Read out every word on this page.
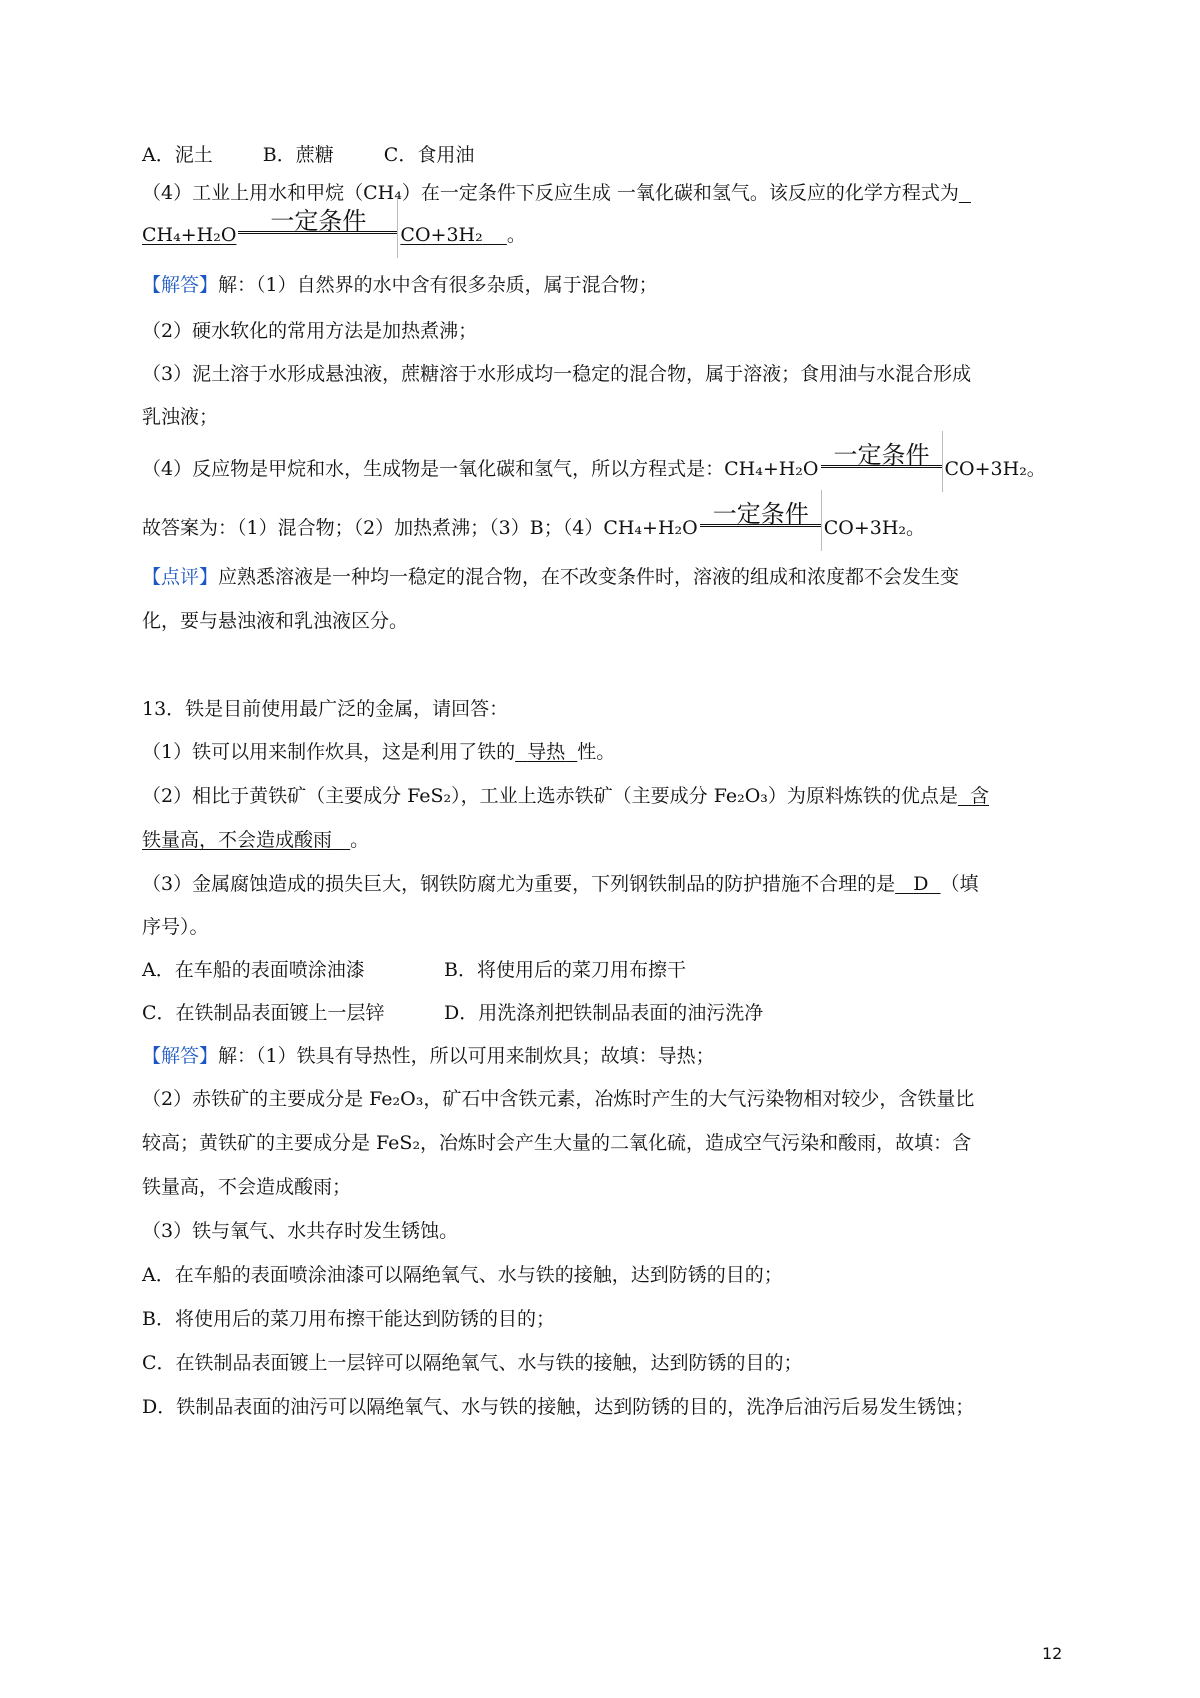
A．泥土	B．蔗糖	C．食用油
（4）工业上用水和甲烷（CH₄）在一定条件下反应生成 一氧化碳和氢气。该反应的化学方程式为
CH₄+H₂O 一定条件 CO+3H₂ 。
【解答】解：（1）自然界的水中含有很多杂质，属于混合物；
（2）硬水软化的常用方法是加热煮沸；
（3）泥土溶于水形成悬浊液，蔗糖溶于水形成均一稳定的混合物，属于溶液；食用油与水混合形成
乳浊液；
（4）反应物是甲烷和水，生成物是一氧化碳和氢气，所以方程式是：CH₄+H₂O 一定条件 CO+3H₂。
故答案为：（1）混合物；（2）加热煮沸；（3）B；（4）CH₄+H₂O 一定条件 CO+3H₂。
【点评】应熟悉溶液是一种均一稳定的混合物，在不改变条件时，溶液的组成和浓度都不会发生变
化，要与悬浊液和乳浊液区分。
13．铁是目前使用最广泛的金属，请回答：
（1）铁可以用来制作炊具，这是利用了铁的 导热 性。
（2）相比于黄铁矿（主要成分 FeS₂），工业上选赤铁矿（主要成分 Fe₂O₃）为原料炼铁的优点是 含
铁量高，不会造成酸雨 。
（3）金属腐蚀造成的损失巨大，钢铁防腐尤为重要，下列钢铁制品的防护措施不合理的是 D （填
序号）。
A．在车船的表面喷涂油漆	B．将使用后的菜刀用布擦干
C．在铁制品表面镀上一层锌	D．用洗涤剂把铁制品表面的油污洗净
【解答】解：（1）铁具有导热性，所以可用来制炊具；故填：导热；
（2）赤铁矿的主要成分是 Fe₂O₃，矿石中含铁元素，冶炼时产生的大气污染物相对较少，含铁量比
较高；黄铁矿的主要成分是 FeS₂，冶炼时会产生大量的二氧化硫，造成空气污染和酸雨，故填：含
铁量高，不会造成酸雨；
（3）铁与氧气、水共存时发生锈蚀。
A．在车船的表面喷涂油漆可以隔绝氧气、水与铁的接触，达到防锈的目的；
B．将使用后的菜刀用布擦干能达到防锈的目的；
C．在铁制品表面镀上一层锌可以隔绝氧气、水与铁的接触，达到防锈的目的；
D．铁制品表面的油污可以隔绝氧气、水与铁的接触，达到防锈的目的，洗净后油污后易发生锈蚀；
12
